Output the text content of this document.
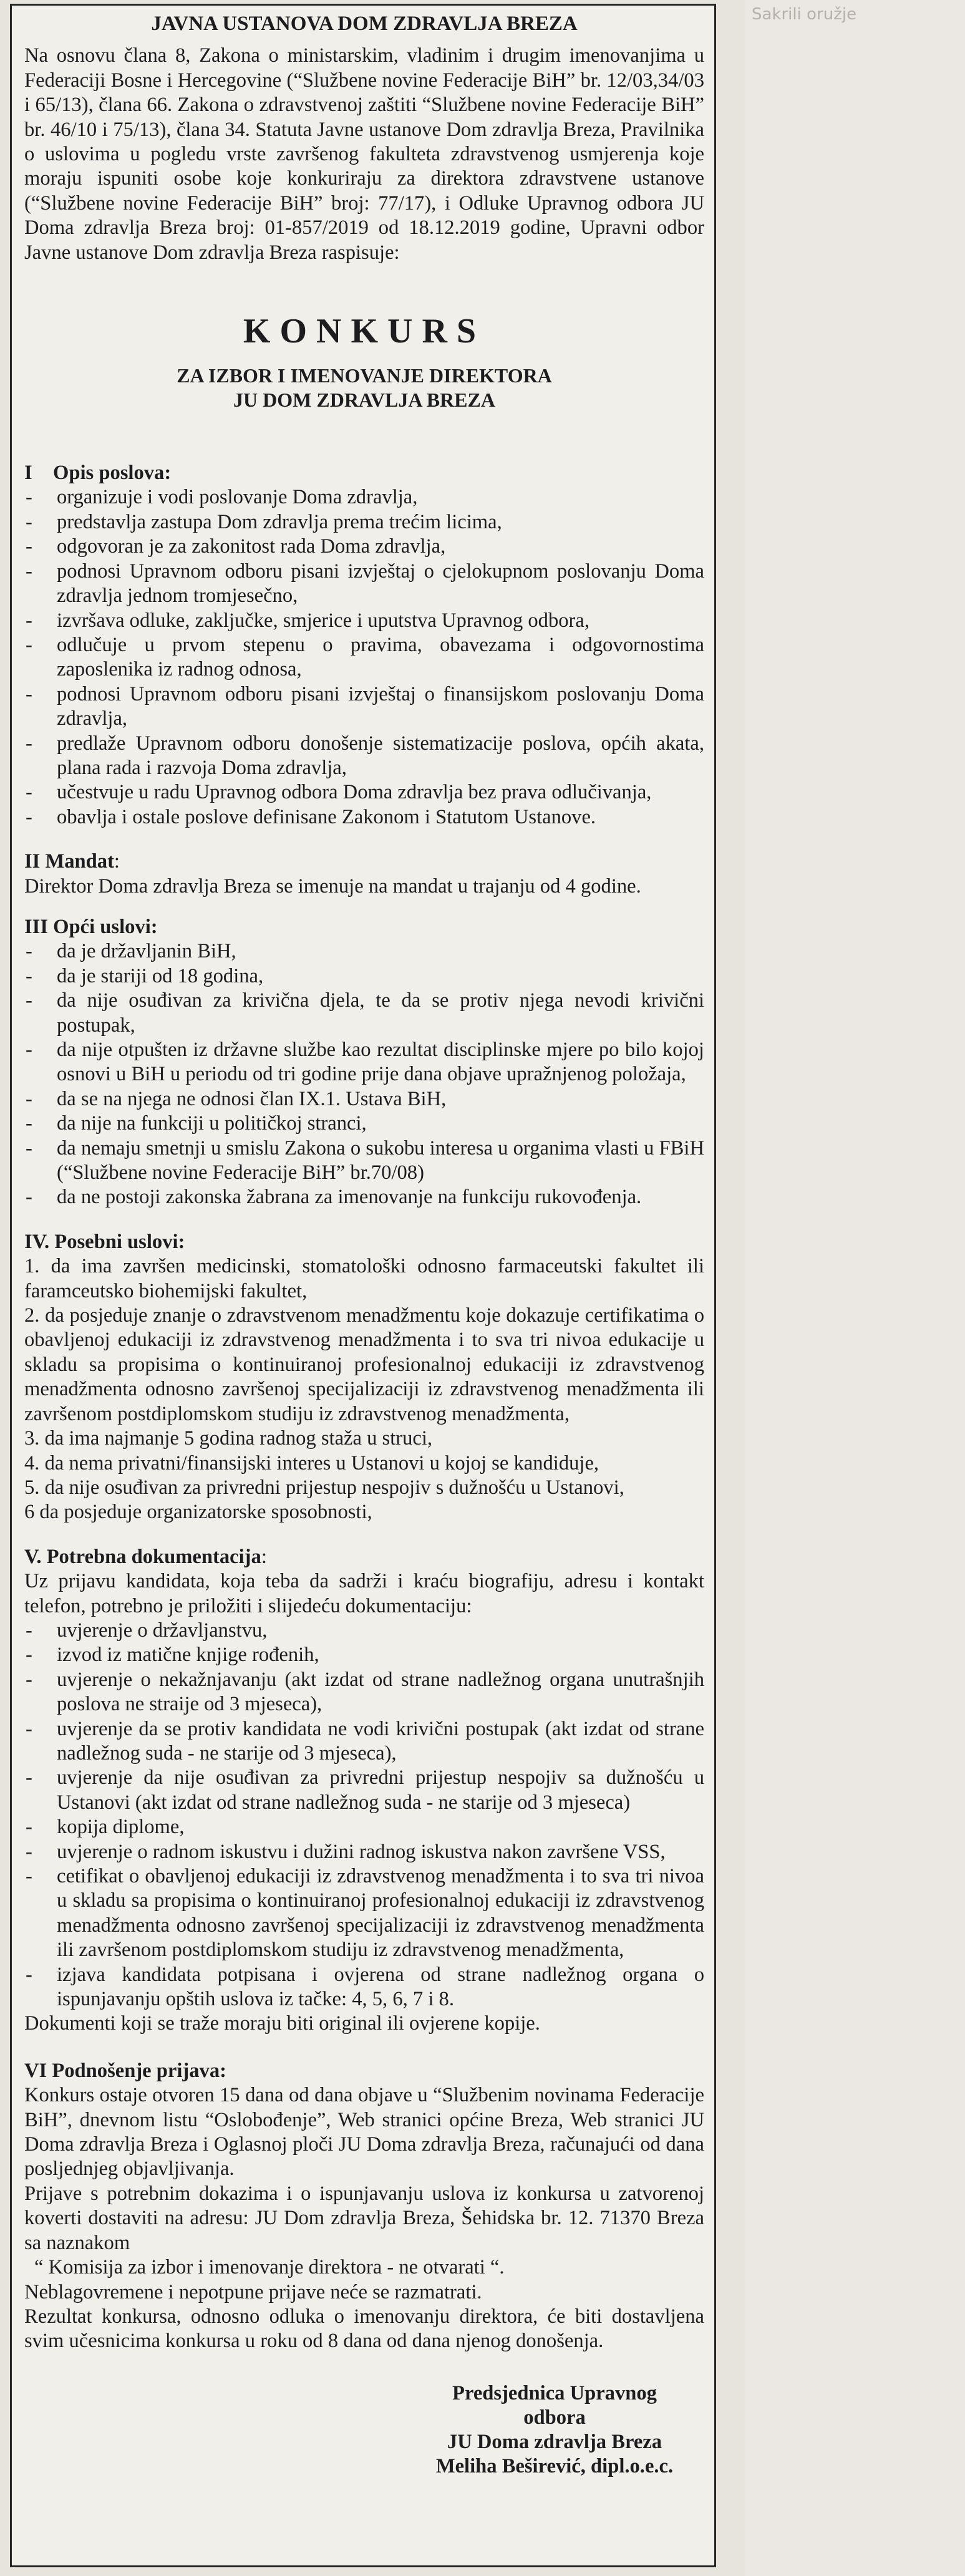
Sakrili oružje

JAVNA USTANOVA DOM ZDRAVLJA BREZA

Na osnovu člana 8, Zakona o ministarskim, vladinim i drugim imenovanjima u Federaciji Bosne i Hercegovine (“Službene novine Federacije BiH” br. 12/03,34/03 i 65/13), člana 66. Zakona o zdravstvenoj zaštiti “Službene novine Federacije BiH” br. 46/10 i 75/13), člana 34. Statuta Javne ustanove Dom zdravlja Breza, Pravilnika o uslovima u pogledu vrste završenog fakulteta zdravstvenog usmjerenja koje moraju ispuniti osobe koje konkuriraju za direktora zdravstvene ustanove (“Službene novine Federacije BiH” broj: 77/17), i Odluke Upravnog odbora JU Doma zdravlja Breza broj: 01-857/2019 od 18.12.2019 godine, Upravni odbor Javne ustanove Dom zdravlja Breza raspisuje:

KONKURS

ZA IZBOR I IMENOVANJE DIREKTORA

JU DOM ZDRAVLJA BREZA

I Opis poslova:

- organizuje i vodi poslovanje Doma zdravlja,
- predstavlja zastupa Dom zdravlja prema trećim licima,
- odgovoran je za zakonitost rada Doma zdravlja,
- podnosi Upravnom odboru pisani izvještaj o cjelokupnom poslovanju Doma zdravlja jednom tromjesečno,
- izvršava odluke, zaključke, smjerice i uputstva Upravnog odbora,
- odlučuje u prvom stepenu o pravima, obavezama i odgovornostima zaposlenika iz radnog odnosa,
- podnosi Upravnom odboru pisani izvještaj o finansijskom poslovanju Doma zdravlja,
- predlaže Upravnom odboru donošenje sistematizacije poslova, općih akata, plana rada i razvoja Doma zdravlja,
- učestvuje u radu Upravnog odbora Doma zdravlja bez prava odlučivanja,
- obavlja i ostale poslove definisane Zakonom i Statutom Ustanove.

II Mandat:

Direktor Doma zdravlja Breza se imenuje na mandat u trajanju od 4 godine.

III Opći uslovi:

- da je državljanin BiH,
- da je stariji od 18 godina,
- da nije osuđivan za krivična djela, te da se protiv njega nevodi krivični postupak,
- da nije otpušten iz državne službe kao rezultat disciplinske mjere po bilo kojoj osnovi u BiH u periodu od tri godine prije dana objave upražnjenog položaja,
- da se na njega ne odnosi član IX.1. Ustava BiH,
- da nije na funkciji u političkoj stranci,
- da nemaju smetnji u smislu Zakona o sukobu interesa u organima vlasti u FBiH (“Službene novine Federacije BiH” br.70/08)
- da ne postoji zakonska žabrana za imenovanje na funkciju rukovođenja.

IV. Posebni uslovi:

1. da ima završen medicinski, stomatološki odnosno farmaceutski fakultet ili faramceutsko biohemijski fakultet,
2. da posjeduje znanje o zdravstvenom menadžmentu koje dokazuje certifikatima o obavljenoj edukaciji iz zdravstvenog menadžmenta i to sva tri nivoa edukacije u skladu sa propisima o kontinuiranoj profesionalnoj edukaciji iz zdravstvenog menadžmenta odnosno završenoj specijalizaciji iz zdravstvenog menadžmenta ili završenom postdiplomskom studiju iz zdravstvenog menadžmenta,
3. da ima najmanje 5 godina radnog staža u struci,
4. da nema privatni/finansijski interes u Ustanovi u kojoj se kandiduje,
5. da nije osuđivan za privredni prijestup nespojiv s dužnošću u Ustanovi,
6 da posjeduje organizatorske sposobnosti,

V. Potrebna dokumentacija:

Uz prijavu kandidata, koja teba da sadrži i kraću biografiju, adresu i kontakt telefon, potrebno je priložiti i slijedeću dokumentaciju:

- uvjerenje o državljanstvu,
- izvod iz matične knjige rođenih,
- uvjerenje o nekažnjavanju (akt izdat od strane nadležnog organa unutrašnjih poslova ne straije od 3 mjeseca),
- uvjerenje da se protiv kandidata ne vodi krivični postupak (akt izdat od strane nadležnog suda - ne starije od 3 mjeseca),
- uvjerenje da nije osuđivan za privredni prijestup nespojiv sa dužnošću u Ustanovi (akt izdat od strane nadležnog suda - ne starije od 3 mjeseca)
- kopija diplome,
- uvjerenje o radnom iskustvu i dužini radnog iskustva nakon završene VSS,
- cetifikat o obavljenoj edukaciji iz zdravstvenog menadžmenta i to sva tri nivoa u skladu sa propisima o kontinuiranoj profesionalnoj edukaciji iz zdravstvenog menadžmenta odnosno završenoj specijalizaciji iz zdravstvenog menadžmenta ili završenom postdiplomskom studiju iz zdravstvenog menadžmenta,
- izjava kandidata potpisana i ovjerena od strane nadležnog organa o ispunjavanju opštih uslova iz tačke: 4, 5, 6, 7 i 8.

Dokumenti koji se traže moraju biti original ili ovjerene kopije.

VI Podnošenje prijava:

Konkurs ostaje otvoren 15 dana od dana objave u “Službenim novinama Federacije BiH”, dnevnom listu “Oslobođenje”, Web stranici općine Breza, Web stranici JU Doma zdravlja Breza i Oglasnoj ploči JU Doma zdravlja Breza, računajući od dana posljednjeg objavljivanja.

Prijave s potrebnim dokazima i o ispunjavanju uslova iz konkursa u zatvorenoj koverti dostaviti na adresu: JU Dom zdravlja Breza, Šehidska br. 12. 71370 Breza sa naznakom

“ Komisija za izbor i imenovanje direktora - ne otvarati “.

Neblagovremene i nepotpune prijave neće se razmatrati.

Rezultat konkursa, odnosno odluka o imenovanju direktora, će biti dostavljena svim učesnicima konkursa u roku od 8 dana od dana njenog donošenja.

Predsjednica Upravnog odbora
JU Doma zdravlja Breza
Meliha Beširević, dipl.o.e.c.
